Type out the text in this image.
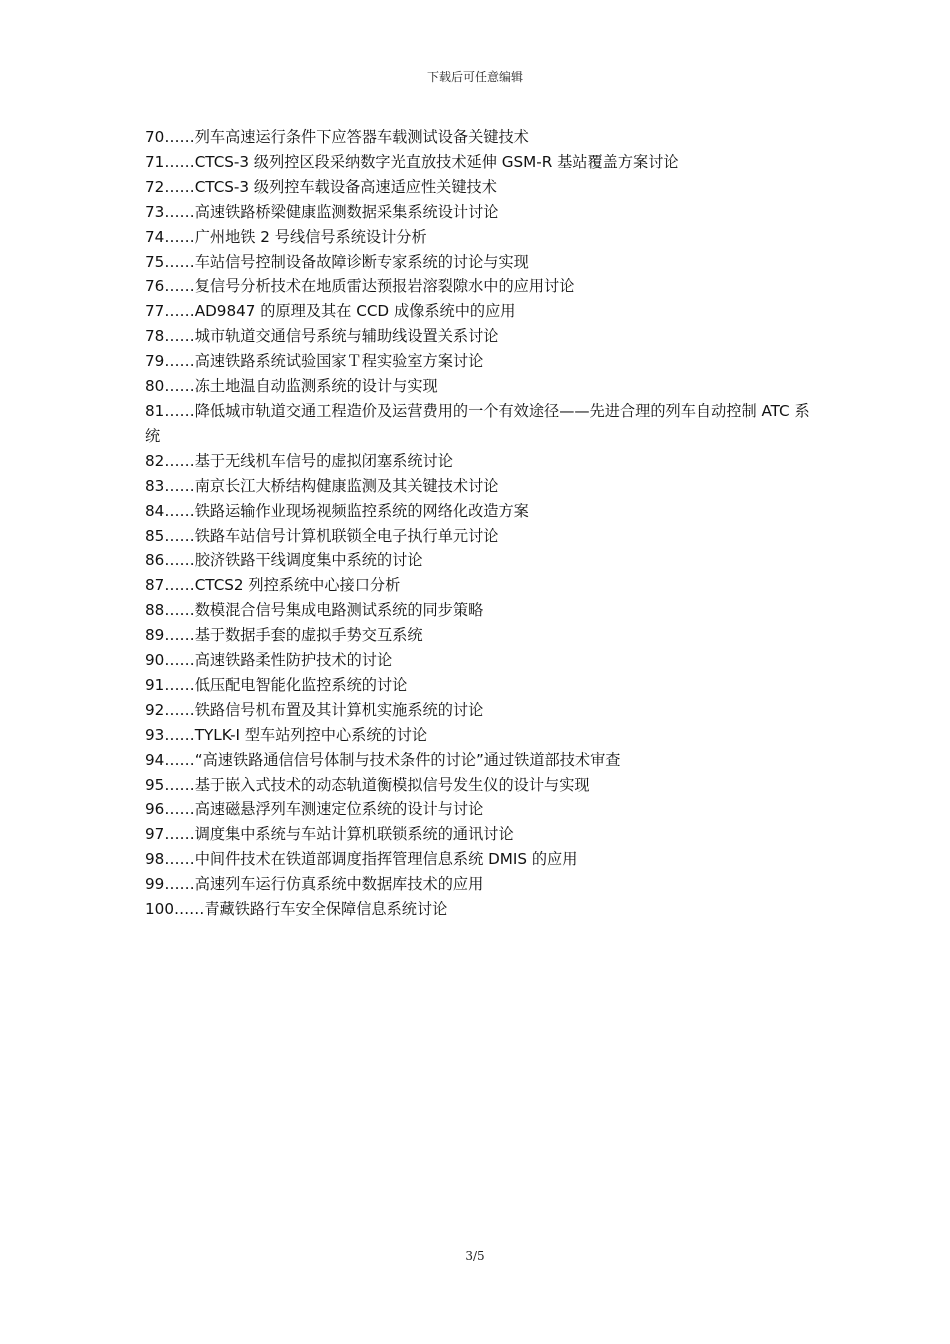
下载后可任意编辑
70……列车高速运行条件下应答器车载测试设备关键技术
71……CTCS-3 级列控区段采纳数字光直放技术延伸 GSM-R 基站覆盖方案讨论
72……CTCS-3 级列控车载设备高速适应性关键技术
73……高速铁路桥梁健康监测数据采集系统设计讨论
74……广州地铁 2 号线信号系统设计分析
75……车站信号控制设备故障诊断专家系统的讨论与实现
76……复信号分析技术在地质雷达预报岩溶裂隙水中的应用讨论
77……AD9847 的原理及其在 CCD 成像系统中的应用
78……城市轨道交通信号系统与辅助线设置关系讨论
79……高速铁路系统试验国家Ｔ程实验室方案讨论
80……冻土地温自动监测系统的设计与实现
81……降低城市轨道交通工程造价及运营费用的一个有效途径——先进合理的列车自动控制 ATC 系统
82……基于无线机车信号的虚拟闭塞系统讨论
83……南京长江大桥结构健康监测及其关键技术讨论
84……铁路运输作业现场视频监控系统的网络化改造方案
85……铁路车站信号计算机联锁全电子执行单元讨论
86……胶济铁路干线调度集中系统的讨论
87……CTCS2 列控系统中心接口分析
88……数模混合信号集成电路测试系统的同步策略
89……基于数据手套的虚拟手势交互系统
90……高速铁路柔性防护技术的讨论
91……低压配电智能化监控系统的讨论
92……铁路信号机布置及其计算机实施系统的讨论
93……TYLK-I 型车站列控中心系统的讨论
94……“高速铁路通信信号体制与技术条件的讨论”通过铁道部技术审查
95……基于嵌入式技术的动态轨道衡模拟信号发生仪的设计与实现
96……高速磁悬浮列车测速定位系统的设计与讨论
97……调度集中系统与车站计算机联锁系统的通讯讨论
98……中间件技术在铁道部调度指挥管理信息系统 DMIS 的应用
99……高速列车运行仿真系统中数据库技术的应用
100……青藏铁路行车安全保障信息系统讨论
3/5
